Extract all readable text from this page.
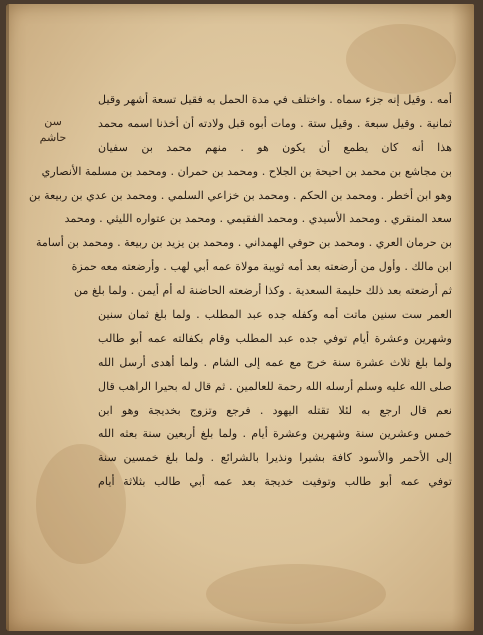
سن
حاشم
أمه . وقيل إنه جزء سماه . واختلف في مدة الحمل به فقيل تسعة أشهر وقيل
ثمانية . وقيل سبعة . وقيل ستة . ومات أبوه قبل ولادته أن أخذنا اسمه محمد
هذا أنه كان يطمع أن يكون هو . منهم محمد بن سفيان
بن مجاشع بن محمد بن احيحة بن الجلاح . ومحمد بن حمران . ومحمد بن مسلمة الأنصاري
وهو ابن أخطر . ومحمد بن الحكم . ومحمد بن خزاعي السلمي . ومحمد بن عدي بن ربيعة بن
سعد المنقري . ومحمد الأسيدي . ومحمد الفقيمي . ومحمد بن عتواره الليثي . ومحمد
بن حرمان العري . ومحمد بن حوفي الهمداني . ومحمد بن يزيد بن ربيعة . ومحمد بن أسامة
ابن مالك . وأول من أرضعته بعد أمه ثويبة مولاة عمه أبي لهب . وأرضعته معه حمزة
ثم أرضعته بعد ذلك حليمة السعدية . وكذا أرضعته الحاضنة له أم أيمن . ولما بلغ من
العمر ست سنين ماتت أمه وكفله جده عبد المطلب . ولما بلغ ثمان سنين
وشهرين وعشرة أيام توفي جده عبد المطلب وقام بكفالته عمه أبو طالب
ولما بلغ ثلاث عشرة سنة خرج مع عمه إلى الشام . ولما أهدى أرسل الله
صلى الله عليه وسلم أرسله الله رحمة للعالمين . ثم قال له بحيرا الراهب قال
نعم قال ارجع به لئلا تقتله اليهود . فرجع وتزوج بخديجة وهو ابن
خمس وعشرين سنة وشهرين وعشرة أيام . ولما بلغ أربعين سنة بعثه الله
إلى الأحمر والأسود كافة بشيرا ونذيرا بالشرائع . ولما بلغ خمسين سنة
توفي عمه أبو طالب وتوفيت خديجة بعد عمه أبي طالب بثلاثة أيام
